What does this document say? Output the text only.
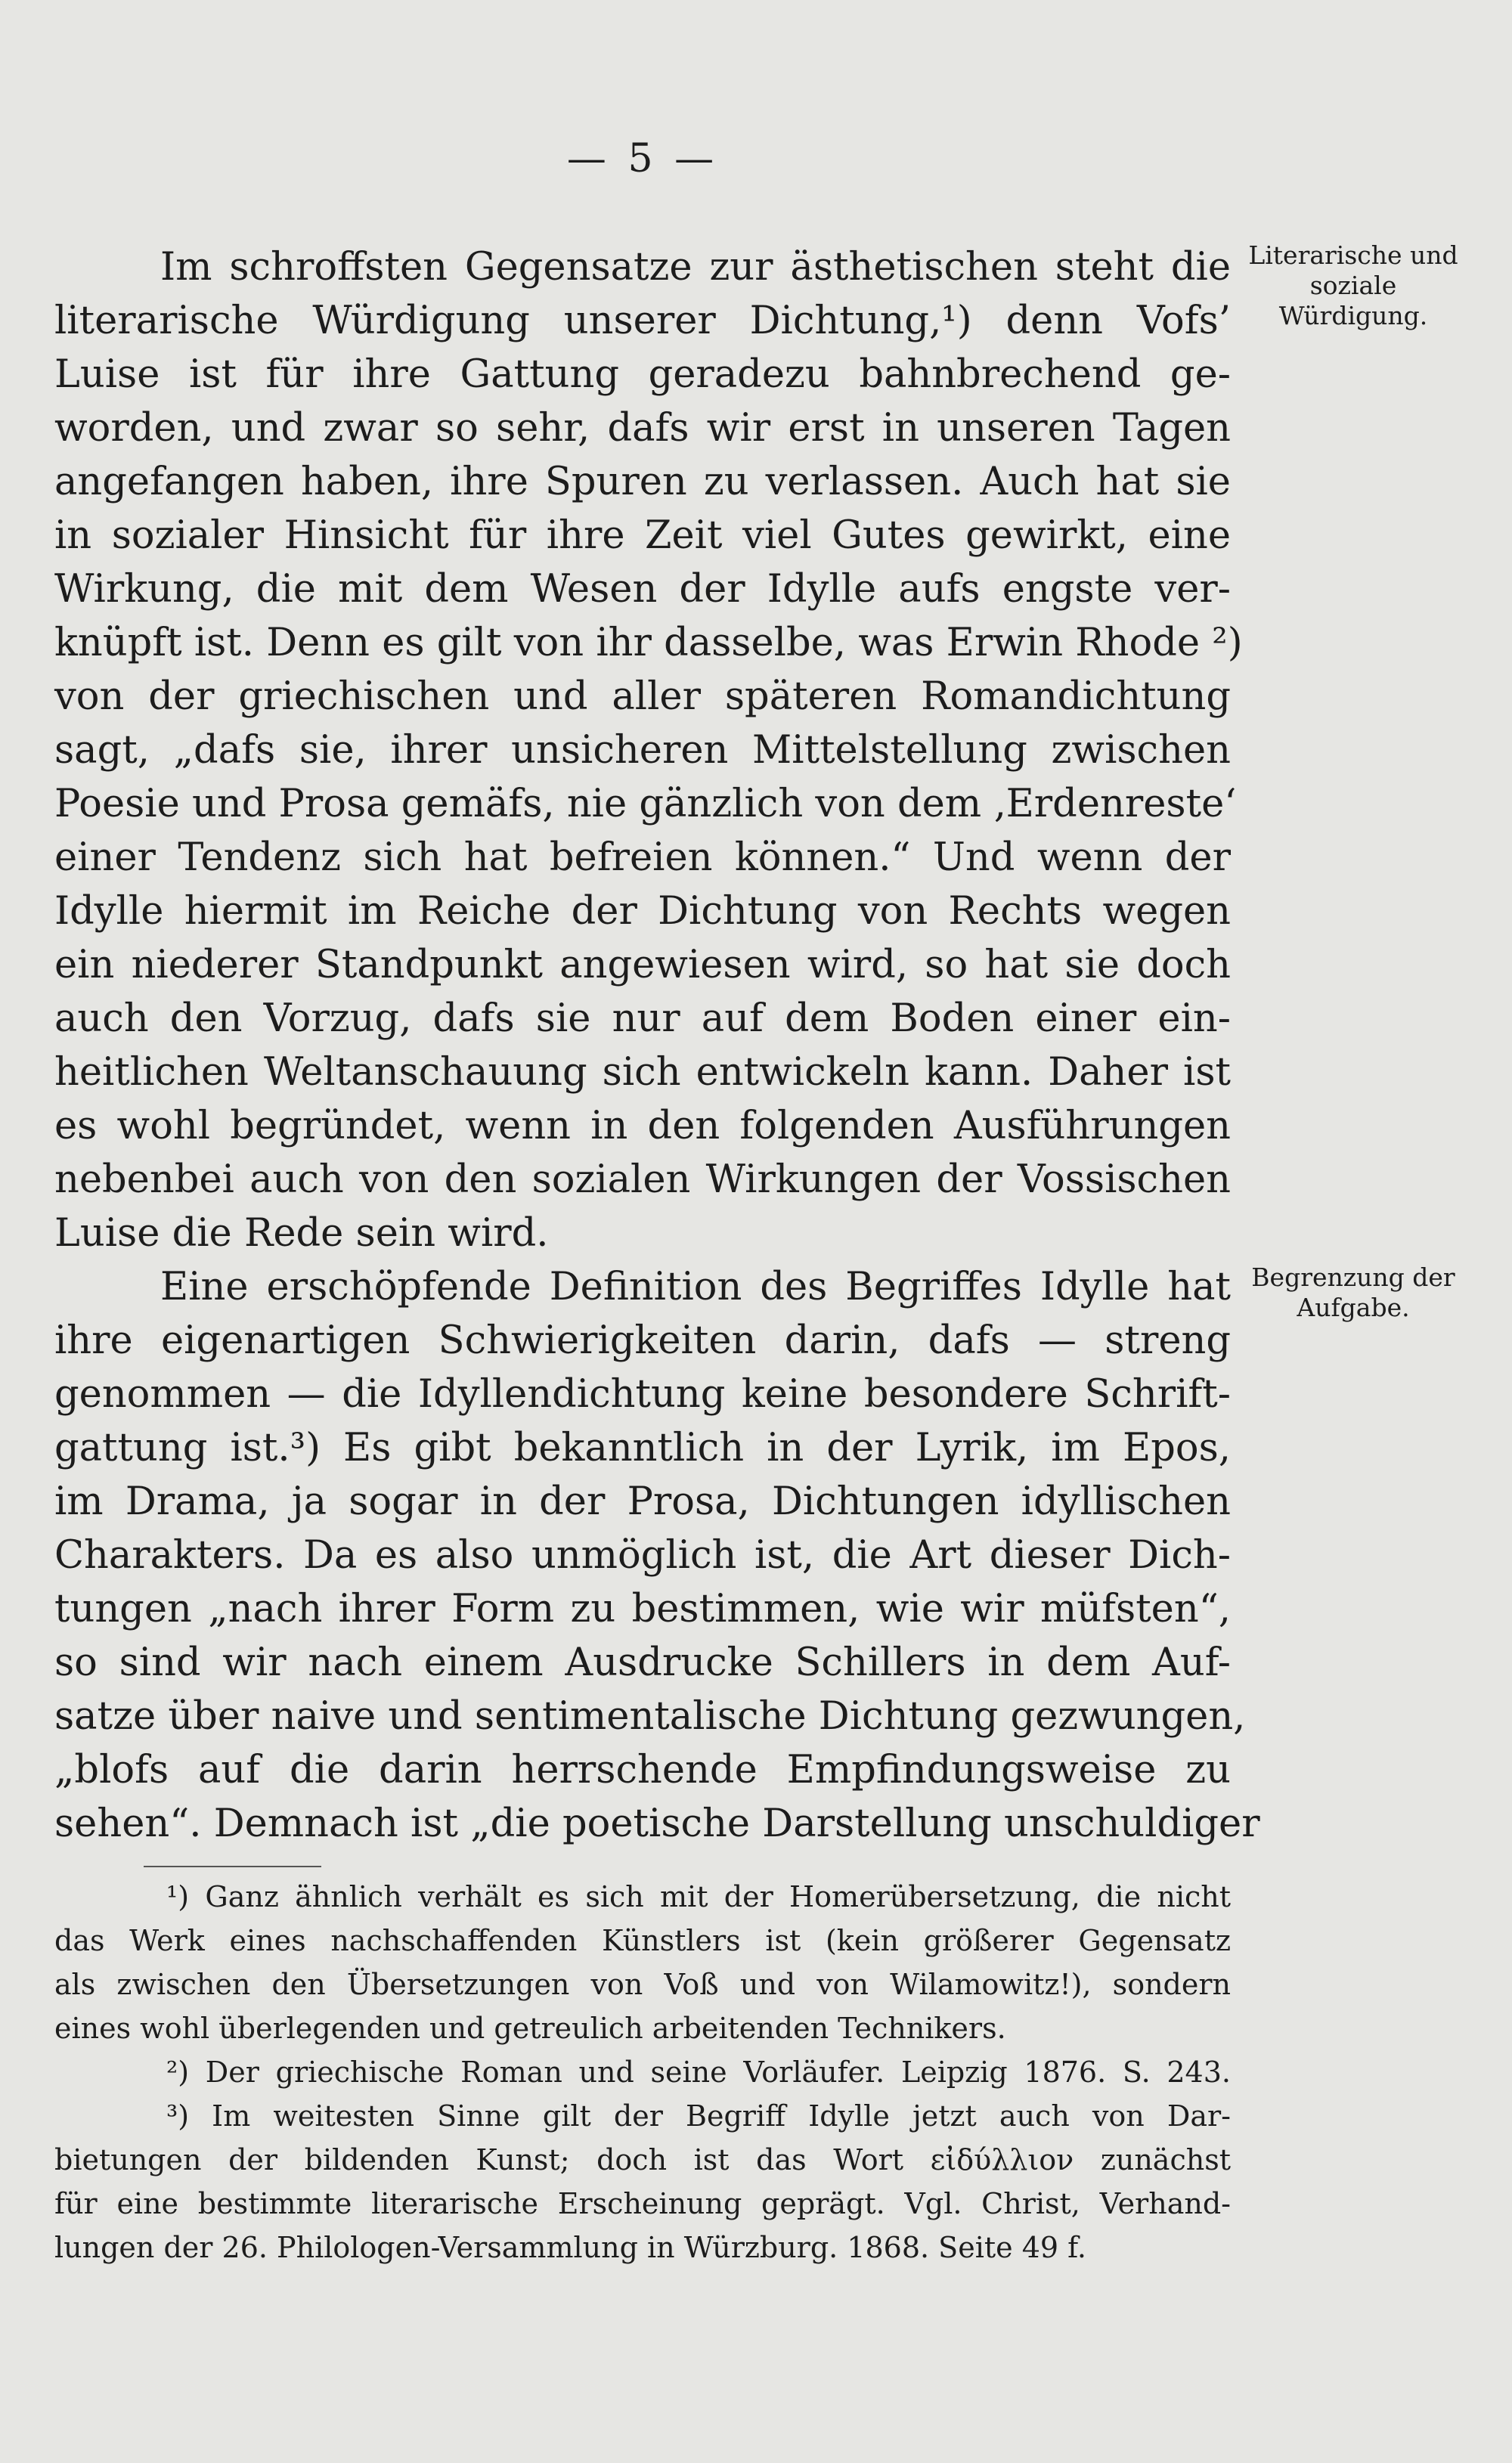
— 5 —
Literarische und
soziale
Würdigung.
Begrenzung der
Aufgabe.
Im schroffsten Gegensatze zur ästhetischen steht die
literarische Würdigung unserer Dichtung,¹) denn Vofs’
Luise ist für ihre Gattung geradezu bahnbrechend ge-
worden, und zwar so sehr, dafs wir erst in unseren Tagen
angefangen haben, ihre Spuren zu verlassen. Auch hat sie
in sozialer Hinsicht für ihre Zeit viel Gutes gewirkt, eine
Wirkung, die mit dem Wesen der Idylle aufs engste ver-
knüpft ist. Denn es gilt von ihr dasselbe, was Erwin Rhode ²)
von der griechischen und aller späteren Romandichtung
sagt, „dafs sie, ihrer unsicheren Mittelstellung zwischen
Poesie und Prosa gemäfs, nie gänzlich von dem ‚Erdenreste‘
einer Tendenz sich hat befreien können.“ Und wenn der
Idylle hiermit im Reiche der Dichtung von Rechts wegen
ein niederer Standpunkt angewiesen wird, so hat sie doch
auch den Vorzug, dafs sie nur auf dem Boden einer ein-
heitlichen Weltanschauung sich entwickeln kann. Daher ist
es wohl begründet, wenn in den folgenden Ausführungen
nebenbei auch von den sozialen Wirkungen der Vossischen
Luise die Rede sein wird.
Eine erschöpfende Definition des Begriffes Idylle hat
ihre eigenartigen Schwierigkeiten darin, dafs — streng
genommen — die Idyllendichtung keine besondere Schrift-
gattung ist.³) Es gibt bekanntlich in der Lyrik, im Epos,
im Drama, ja sogar in der Prosa, Dichtungen idyllischen
Charakters. Da es also unmöglich ist, die Art dieser Dich-
tungen „nach ihrer Form zu bestimmen, wie wir müfsten“,
so sind wir nach einem Ausdrucke Schillers in dem Auf-
satze über naive und sentimentalische Dichtung gezwungen,
„blofs auf die darin herrschende Empfindungsweise zu
sehen“. Demnach ist „die poetische Darstellung unschuldiger
¹) Ganz ähnlich verhält es sich mit der Homerübersetzung, die nicht
das Werk eines nachschaffenden Künstlers ist (kein größerer Gegensatz
als zwischen den Übersetzungen von Voß und von Wilamowitz!), sondern
eines wohl überlegenden und getreulich arbeitenden Technikers.
²) Der griechische Roman und seine Vorläufer. Leipzig 1876. S. 243.
³) Im weitesten Sinne gilt der Begriff Idylle jetzt auch von Dar-
bietungen der bildenden Kunst; doch ist das Wort εἰδύλλιον zunächst
für eine bestimmte literarische Erscheinung geprägt. Vgl. Christ, Verhand-
lungen der 26. Philologen-Versammlung in Würzburg. 1868. Seite 49 f.
